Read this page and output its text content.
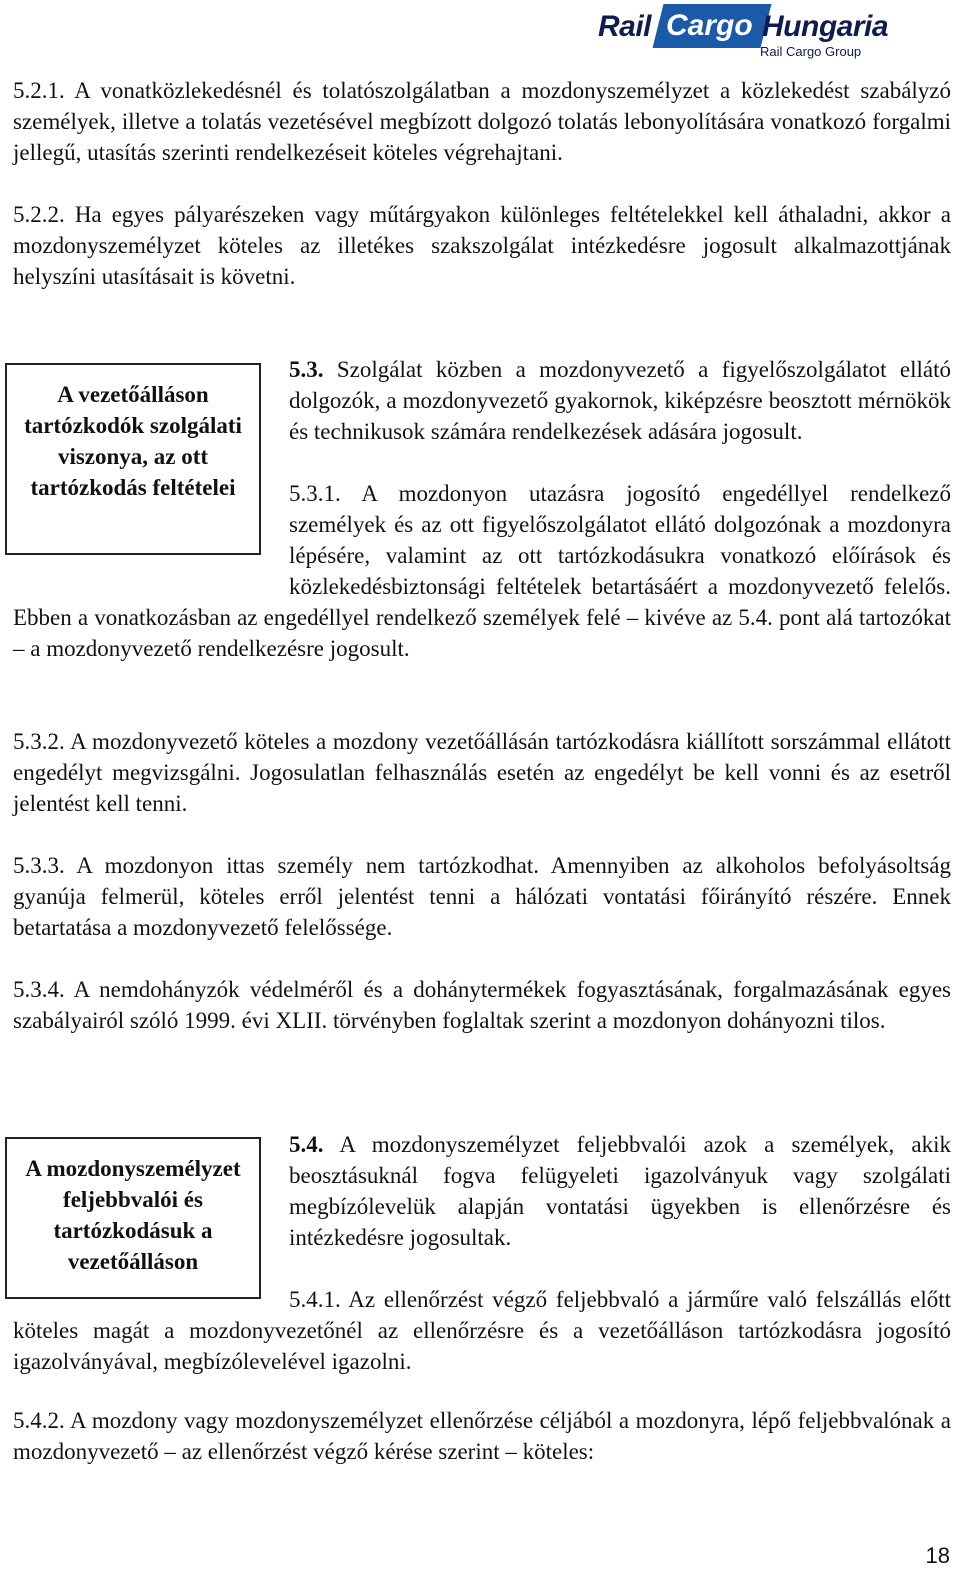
Rail Cargo Hungaria
Rail Cargo Group

5.2.1. A vonatközlekedésnél és tolatószolgálatban a mozdonyszemélyzet a közlekedést szabályzó személyek, illetve a tolatás vezetésével megbízott dolgozó tolatás lebonyolítására vonatkozó forgalmi jellegű, utasítás szerinti rendelkezéseit köteles végrehajtani.

5.2.2. Ha egyes pályarészeken vagy műtárgyakon különleges feltételekkel kell áthaladni, akkor a mozdonyszemélyzet köteles az illetékes szakszolgálat intézkedésre jogosult alkalmazottjának helyszíni utasításait is követni.

A vezetőálláson tartózkodók szolgálati viszonya, az ott tartózkodás feltételei

5.3. Szolgálat közben a mozdonyvezető a figyelőszolgálatot ellátó dolgozók, a mozdonyvezető gyakornok, kiképzésre beosztott mérnökök és technikusok számára rendelkezések adására jogosult.

5.3.1. A mozdonyon utazásra jogosító engedéllyel rendelkező személyek és az ott figyelőszolgálatot ellátó dolgozónak a mozdonyra lépésére, valamint az ott tartózkodásukra vonatkozó előírások és közlekedésbiztonsági feltételek betartásáért a mozdonyvezető felelős. Ebben a vonatkozásban az engedéllyel rendelkező személyek felé – kivéve az 5.4. pont alá tartozókat – a mozdonyvezető rendelkezésre jogosult.

5.3.2. A mozdonyvezető köteles a mozdony vezetőállásán tartózkodásra kiállított sorszámmal ellátott engedélyt megvizsgálni. Jogosulatlan felhasználás esetén az engedélyt be kell vonni és az esetről jelentést kell tenni.

5.3.3. A mozdonyon ittas személy nem tartózkodhat. Amennyiben az alkoholos befolyásoltság gyanúja felmerül, köteles erről jelentést tenni a hálózati vontatási főirányító részére. Ennek betartatása a mozdonyvezető felelőssége.

5.3.4. A nemdohányzók védelméről és a dohánytermékek fogyasztásának, forgalmazásának egyes szabályairól szóló 1999. évi XLII. törvényben foglaltak szerint a mozdonyon dohányozni tilos.

A mozdonyszemélyzet feljebbvalói és tartózkodásuk a vezetőálláson

5.4. A mozdonyszemélyzet feljebbvalói azok a személyek, akik beosztásuknál fogva felügyeleti igazolványuk vagy szolgálati megbízólevelük alapján vontatási ügyekben is ellenőrzésre és intézkedésre jogosultak.

5.4.1. Az ellenőrzést végző feljebbvaló a járműre való felszállás előtt köteles magát a mozdonyvezetőnél az ellenőrzésre és a vezetőálláson tartózkodásra jogosító igazolványával, megbízólevelével igazolni.

5.4.2. A mozdony vagy mozdonyszemélyzet ellenőrzése céljából a mozdonyra, lépő feljebbvalónak a mozdonyvezető – az ellenőrzést végző kérése szerint – köteles:

18
